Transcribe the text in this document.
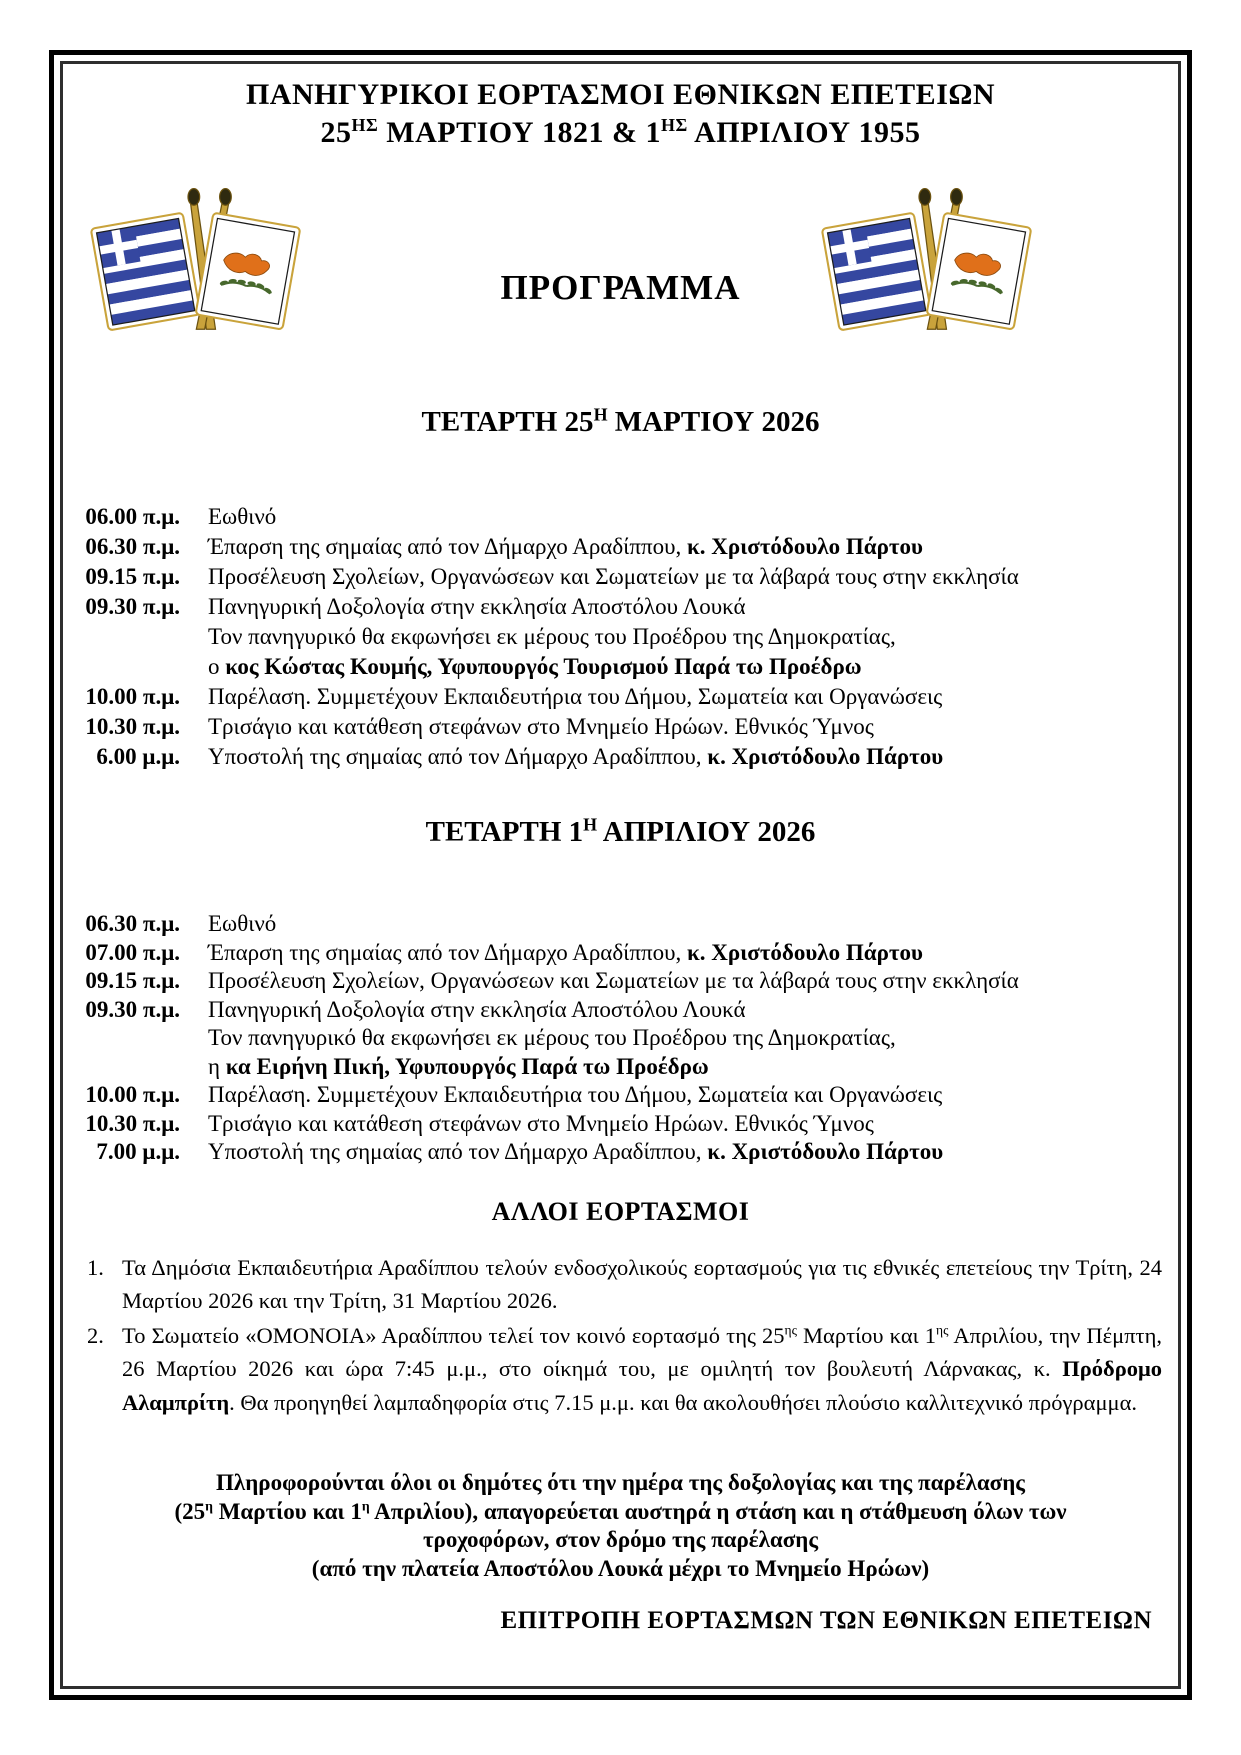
ΠΑΝΗΓΥΡΙΚΟΙ ΕΟΡΤΑΣΜΟΙ ΕΘΝΙΚΩΝ ΕΠΕΤΕΙΩΝ
$25^{H\Sigma}$ ΜΑΡΤΙΟΥ 1821 & $1^{H\Sigma}$ ΑΠΡΙΛΙΟΥ 1955
ΠΡΟΓΡΑΜΜΑ
ΤΕΤΑΡΤΗ $25^H$ ΜΑΡΤΙΟΥ 2026
06.00 π.μ. Εωθινό
06.30 π.μ. Έπαρση της σημαίας από τον Δήμαρχο Αραδίππου, κ. Χριστόδουλο Πάρτου
09.15 π.μ. Προσέλευση Σχολείων, Οργανώσεων και Σωματείων με τα λάβαρά τους στην εκκλησία
09.30 π.μ. Πανηγυρική Δοξολογία στην εκκλησία Αποστόλου Λουκά
Τον πανηγυρικό θα εκφωνήσει εκ μέρους του Προέδρου της Δημοκρατίας,
ο κος Κώστας Κουμής, Υφυπουργός Τουρισμού Παρά τω Προέδρω
10.00 π.μ. Παρέλαση. Συμμετέχουν Εκπαιδευτήρια του Δήμου, Σωματεία και Οργανώσεις
10.30 π.μ. Τρισάγιο και κατάθεση στεφάνων στο Μνημείο Ηρώων. Εθνικός Ύμνος
6.00 μ.μ. Υποστολή της σημαίας από τον Δήμαρχο Αραδίππου, κ. Χριστόδουλο Πάρτου
ΤΕΤΑΡΤΗ $1^H$ ΑΠΡΙΛΙΟΥ 2026
06.30 π.μ. Εωθινό
07.00 π.μ. Έπαρση της σημαίας από τον Δήμαρχο Αραδίππου, κ. Χριστόδουλο Πάρτου
09.15 π.μ. Προσέλευση Σχολείων, Οργανώσεων και Σωματείων με τα λάβαρά τους στην εκκλησία
09.30 π.μ. Πανηγυρική Δοξολογία στην εκκλησία Αποστόλου Λουκά
Τον πανηγυρικό θα εκφωνήσει εκ μέρους του Προέδρου της Δημοκρατίας,
η κα Ειρήνη Πική, Υφυπουργός Παρά τω Προέδρω
10.00 π.μ. Παρέλαση. Συμμετέχουν Εκπαιδευτήρια του Δήμου, Σωματεία και Οργανώσεις
10.30 π.μ. Τρισάγιο και κατάθεση στεφάνων στο Μνημείο Ηρώων. Εθνικός Ύμνος
7.00 μ.μ. Υποστολή της σημαίας από τον Δήμαρχο Αραδίππου, κ. Χριστόδουλο Πάρτου
ΑΛΛΟΙ ΕΟΡΤΑΣΜΟΙ
1. Τα Δημόσια Εκπαιδευτήρια Αραδίππου τελούν ενδοσχολικούς εορτασμούς για τις εθνικές επετείους την Τρίτη, 24 Μαρτίου 2026 και την Τρίτη, 31 Μαρτίου 2026.
2. Το Σωματείο «ΟΜΟΝΟΙΑ» Αραδίππου τελεί τον κοινό εορτασμό της $25^{\eta\varsigma}$ Μαρτίου και $1^{\eta\varsigma}$ Απριλίου, την Πέμπτη, 26 Μαρτίου 2026 και ώρα 7:45 μ.μ., στο οίκημά του, με ομιλητή τον βουλευτή Λάρνακας, κ. Πρόδρομο Αλαμπρίτη. Θα προηγηθεί λαμπαδηφορία στις 7.15 μ.μ. και θα ακολουθήσει πλούσιο καλλιτεχνικό πρόγραμμα.
Πληροφορούνται όλοι οι δημότες ότι την ημέρα της δοξολογίας και της παρέλασης
($25^\eta$ Μαρτίου και $1^\eta$ Απριλίου), απαγορεύεται αυστηρά η στάση και η στάθμευση όλων των
τροχοφόρων, στον δρόμο της παρέλασης
(από την πλατεία Αποστόλου Λουκά μέχρι το Μνημείο Ηρώων)
ΕΠΙΤΡΟΠΗ ΕΟΡΤΑΣΜΩΝ ΤΩΝ ΕΘΝΙΚΩΝ ΕΠΕΤΕΙΩΝ
